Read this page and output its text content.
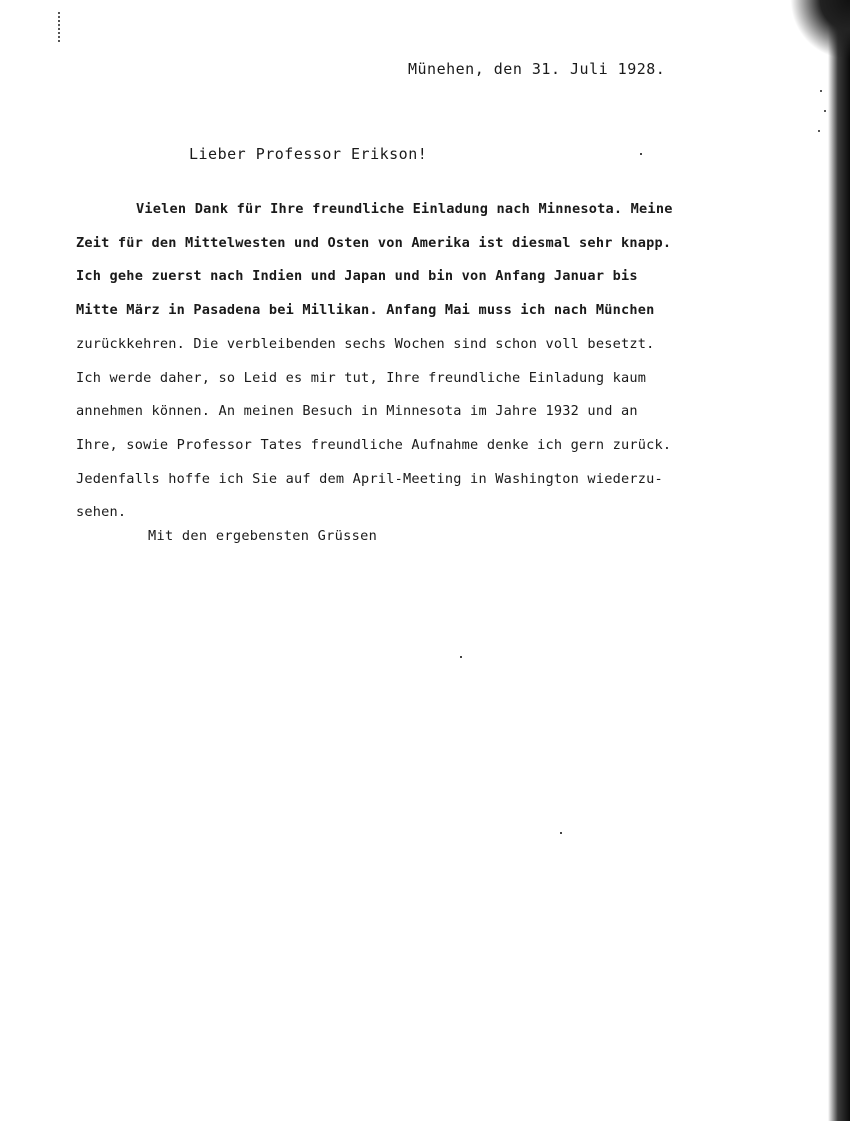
Münehen, den 31. Juli 1928.
Lieber Professor Erikson!
Vielen Dank für Ihre freundliche Einladung nach Minnesota. Meine
Zeit für den Mittelwesten und Osten von Amerika ist diesmal sehr knapp.
Ich gehe zuerst nach Indien und Japan und bin von Anfang Januar bis
Mitte März in Pasadena bei Millikan. Anfang Mai muss ich nach München
zurückkehren. Die verbleibenden sechs Wochen sind schon voll besetzt.
Ich werde daher, so Leid es mir tut, Ihre freundliche Einladung kaum
annehmen können. An meinen Besuch in Minnesota im Jahre 1932 und an
Ihre, sowie Professor Tates freundliche Aufnahme denke ich gern zurück.
Jedenfalls hoffe ich Sie auf dem April-Meeting in Washington wiederzu-
sehen.
Mit den ergebensten Grüssen
